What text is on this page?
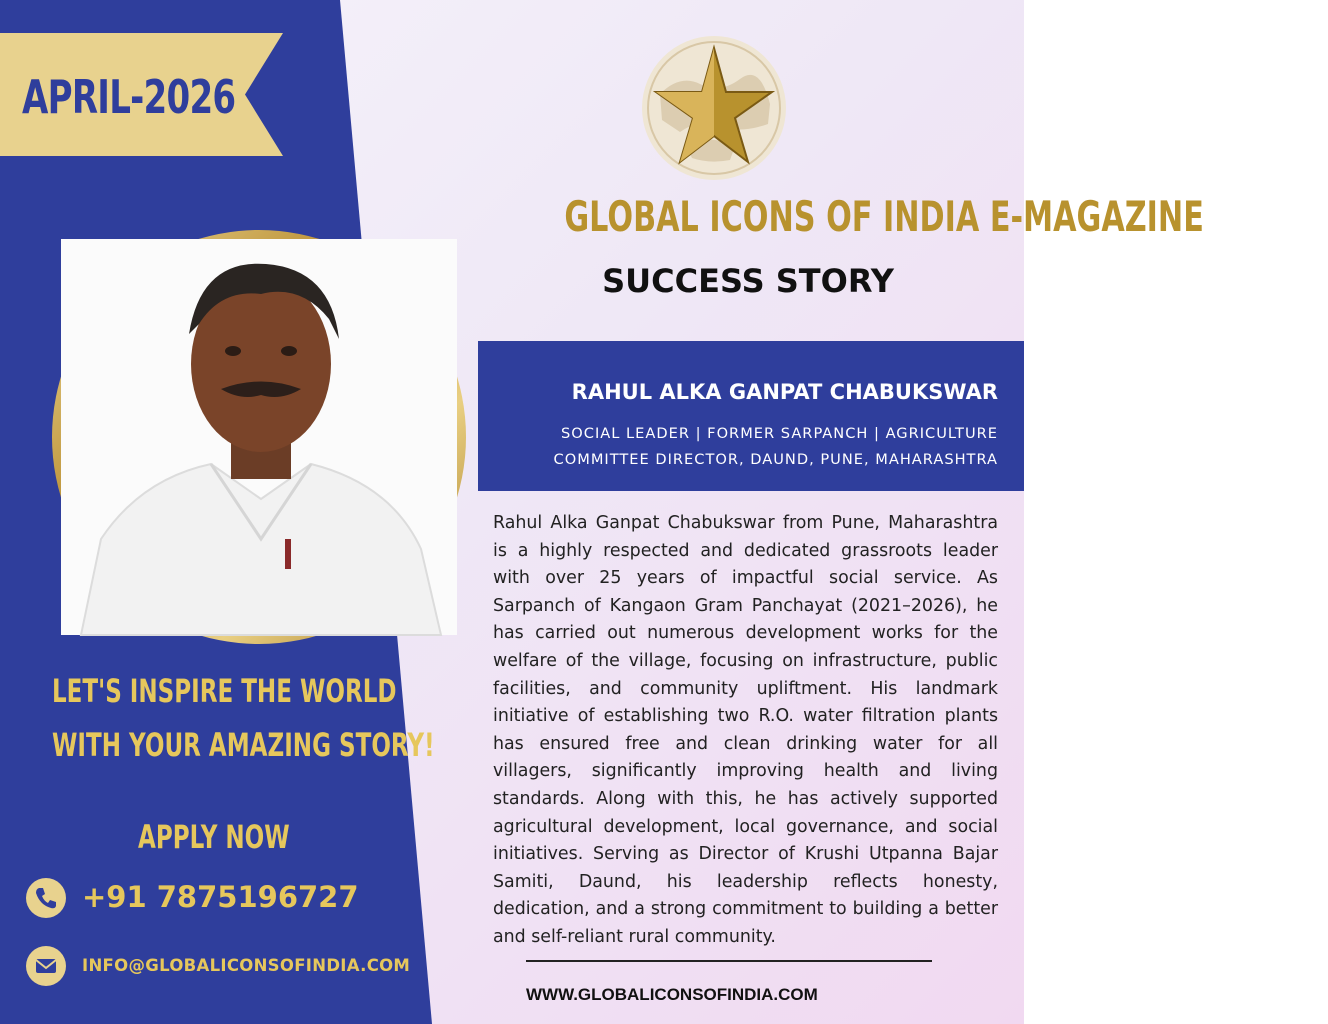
APRIL-2026
GLOBAL ICONS OF INDIA E-MAGAZINE
SUCCESS STORY
RAHUL ALKA GANPAT CHABUKSWAR
SOCIAL LEADER | FORMER SARPANCH | AGRICULTURE
COMMITTEE DIRECTOR, DAUND, PUNE, MAHARASHTRA
Rahul Alka Ganpat Chabukswar from Pune, Maharashtra is a highly respected and dedicated grassroots leader with over 25 years of impactful social service. As Sarpanch of Kangaon Gram Panchayat (2021–2026), he has carried out numerous development works for the welfare of the village, focusing on infrastructure, public facilities, and community upliftment. His landmark initiative of establishing two R.O. water filtration plants has ensured free and clean drinking water for all villagers, significantly improving health and living standards. Along with this, he has actively supported agricultural development, local governance, and social initiatives. Serving as Director of Krushi Utpanna Bajar Samiti, Daund, his leadership reflects honesty, dedication, and a strong commitment to building a better and self-reliant rural community.
WWW.GLOBALICONSOFINDIA.COM
LET'S INSPIRE THE WORLD
WITH YOUR AMAZING STORY!
APPLY NOW
+91 7875196727
INFO@GLOBALICONSOFINDIA.COM
